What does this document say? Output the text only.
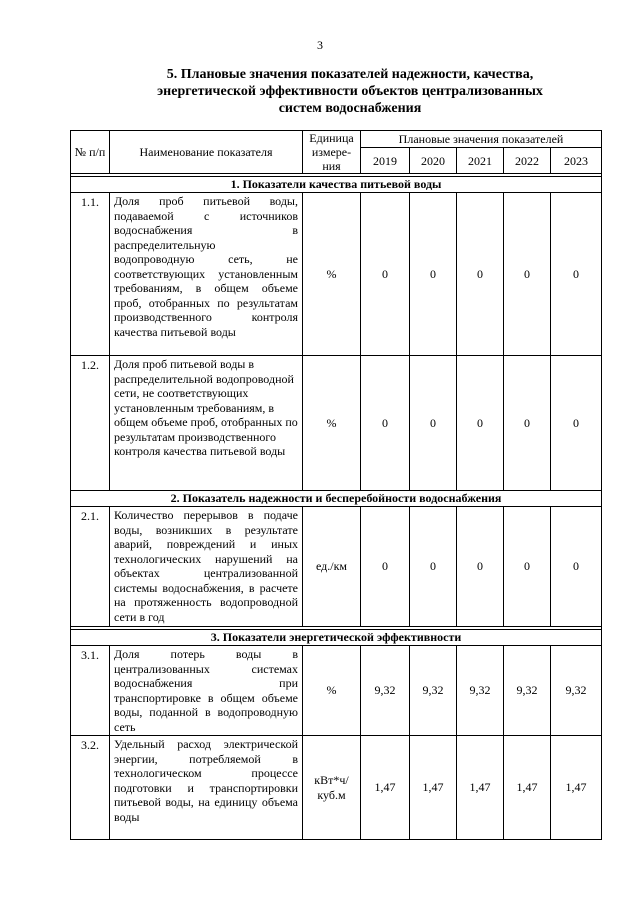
3
5. Плановые значения показателей надежности, качества,
энергетической эффективности объектов централизованных
систем водоснабжения
№ п/п	Наименование показателя	Единица измере- ния	Плановые значения показателей				
			2019	2020	2021	2022	2023

1. Показатели качества питьевой воды							
1.1.	Доля проб питьевой воды, подаваемой с источников водоснабжения в распределительную водопроводную сеть, не соответствующих установленным требованиям, в общем объеме проб, отобранных по результатам производственного контроля качества питьевой воды	%	0	0	0	0	0
1.2.	Доля проб питьевой воды в распределительной водопроводной сети, не соответствующих установленным требованиям, в общем объеме проб, отобранных по результатам производственного контроля качества питьевой воды	%	0	0	0	0	0
2. Показатель надежности и бесперебойности водоснабжения							
2.1.	Количество перерывов в подаче воды, возникших в результате аварий, повреждений и иных технологических нарушений на объектах централизованной системы водоснабжения, в расчете на протяженность водопроводной сети в год	ед./км	0	0	0	0	0

3. Показатели энергетической эффективности							
3.1.	Доля потерь воды в централизованных системах водоснабжения при транспортировке в общем объеме воды, поданной в водопроводную сеть	%	9,32	9,32	9,32	9,32	9,32
3.2.	Удельный расход электрической энергии, потребляемой в технологическом процессе подготовки и транспортировки питьевой воды, на единицу объема воды	кВт*ч/ куб.м	1,47	1,47	1,47	1,47	1,47
